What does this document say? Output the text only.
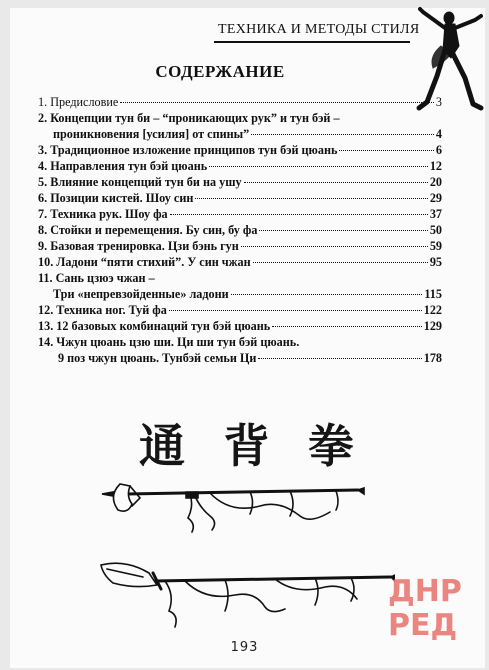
ТЕХНИКА И МЕТОДЫ СТИЛЯ
СОДЕРЖАНИЕ
1. Предисловие	3
2. Концепции тун би – “проникающих рук” и тун бэй –
проникновения [усилия] от спины”	4
3. Традиционное изложение принципов тун бэй цюань	6
4. Направления тун бэй цюань	12
5. Влияние концепций тун би на ушу	20
6. Позиции кистей. Шоу син	29
7. Техника рук. Шоу фа	37
8. Стойки и перемещения. Бу син, бу фа	50
9. Базовая тренировка. Цзи бэнь гун	59
10. Ладони “пяти стихий”. У син чжан	95
11. Сань цзюэ чжан –
Три «непревзойденные» ладони	115
12. Техника ног. Туй фа	122
13. 12 базовых комбинаций тун бэй цюань	129
14. Чжун цюань цзю ши. Ци ши тун бэй цюань.
9 поз чжун цюань. Тунбэй семьи Ци	178
通 背 拳
ДНР
РЕД
193
